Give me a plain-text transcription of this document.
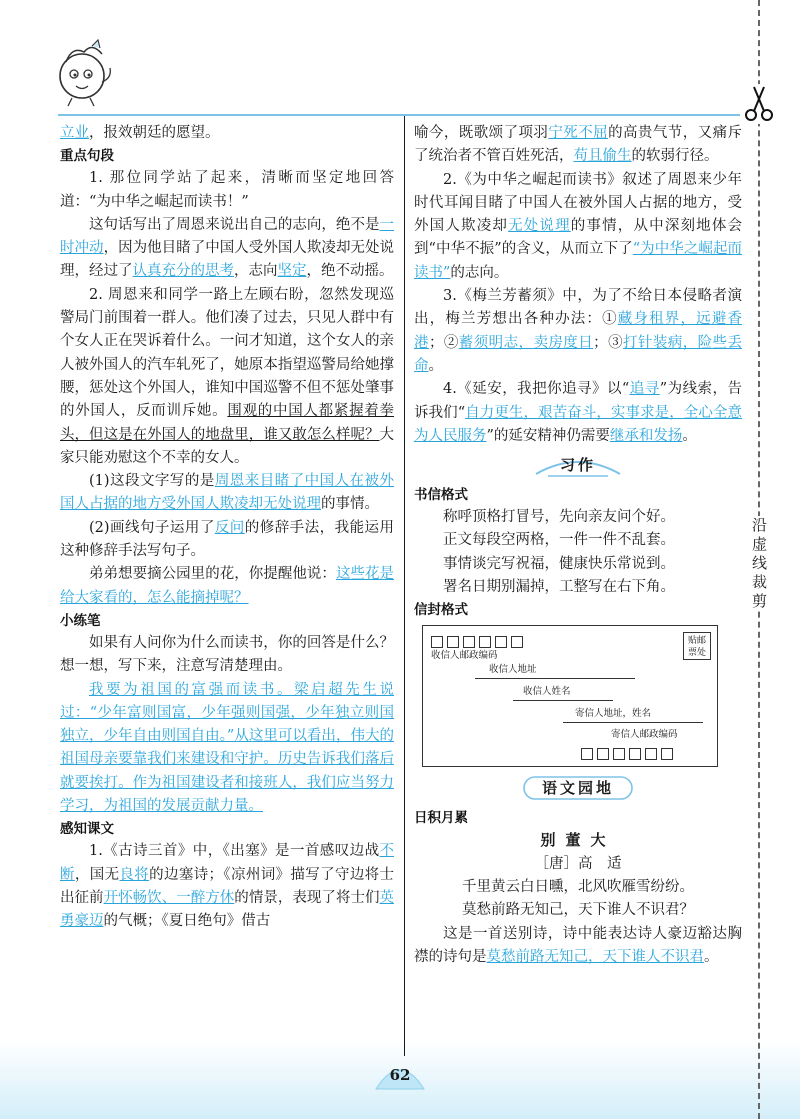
沿虚线裁剪
62

立业，报效朝廷的愿望。

重点句段

1. 那位同学站了起来，清晰而坚定地回答道：“为中华之崛起而读书！”

这句话写出了周恩来说出自己的志向，绝不是一时冲动，因为他目睹了中国人受外国人欺凌却无处说理，经过了认真充分的思考，志向坚定，绝不动摇。

2. 周恩来和同学一路上左顾右盼，忽然发现巡警局门前围着一群人。他们凑了过去，只见人群中有个女人正在哭诉着什么。一问才知道，这个女人的亲人被外国人的汽车轧死了，她原本指望巡警局给她撑腰，惩处这个外国人，谁知中国巡警不但不惩处肇事的外国人，反而训斥她。围观的中国人都紧握着拳头，但这是在外国人的地盘里，谁又敢怎么样呢？大家只能劝慰这个不幸的女人。

(1)这段文字写的是周恩来目睹了中国人在被外国人占据的地方受外国人欺凌却无处说理的事情。

(2)画线句子运用了反问的修辞手法，我能运用这种修辞手法写句子。

弟弟想要摘公园里的花，你提醒他说：这些花是给大家看的，怎么能摘掉呢？

小练笔

如果有人问你为什么而读书，你的回答是什么？想一想，写下来，注意写清楚理由。

我要为祖国的富强而读书。梁启超先生说过：“少年富则国富，少年强则国强，少年独立则国独立，少年自由则国自由。”从这里可以看出，伟大的祖国母亲要靠我们来建设和守护。历史告诉我们落后就要挨打。作为祖国建设者和接班人，我们应当努力学习，为祖国的发展贡献力量。

感知课文

1.《古诗三首》中，《出塞》是一首感叹边战不断，国无良将的边塞诗；《凉州词》描写了守边将士出征前开怀畅饮、一醉方休的情景，表现了将士们英勇豪迈的气概；《夏日绝句》借古

喻今，既歌颂了项羽宁死不屈的高贵气节，又痛斥了统治者不管百姓死活，苟且偷生的软弱行径。

2.《为中华之崛起而读书》叙述了周恩来少年时代耳闻目睹了中国人在被外国人占据的地方，受外国人欺凌却无处说理的事情，从中深刻地体会到“中华不振”的含义，从而立下了“为中华之崛起而读书”的志向。

3.《梅兰芳蓄须》中，为了不给日本侵略者演出，梅兰芳想出各种办法：①藏身租界，远避香港；②蓄须明志，卖房度日；③打针装病，险些丢命。

4.《延安，我把你追寻》以“追寻”为线索，告诉我们“自力更生，艰苦奋斗，实事求是，全心全意为人民服务”的延安精神仍需要继承和发扬。

习作

书信格式

称呼顶格打冒号，先向亲友问个好。

正文每段空两格，一件一件不乱套。

事情谈完写祝福，健康快乐常说到。

署名日期别漏掉，工整写在右下角。

信封格式

收信人邮政编码
收信人地址
收信人姓名
寄信人地址，姓名
寄信人邮政编码
贴邮
票处
语文园地

日积月累

别董大

［唐］高　适

千里黄云白日曛，北风吹雁雪纷纷。

莫愁前路无知己，天下谁人不识君？

这是一首送别诗，诗中能表达诗人豪迈豁达胸襟的诗句是莫愁前路无知己，天下谁人不识君。
